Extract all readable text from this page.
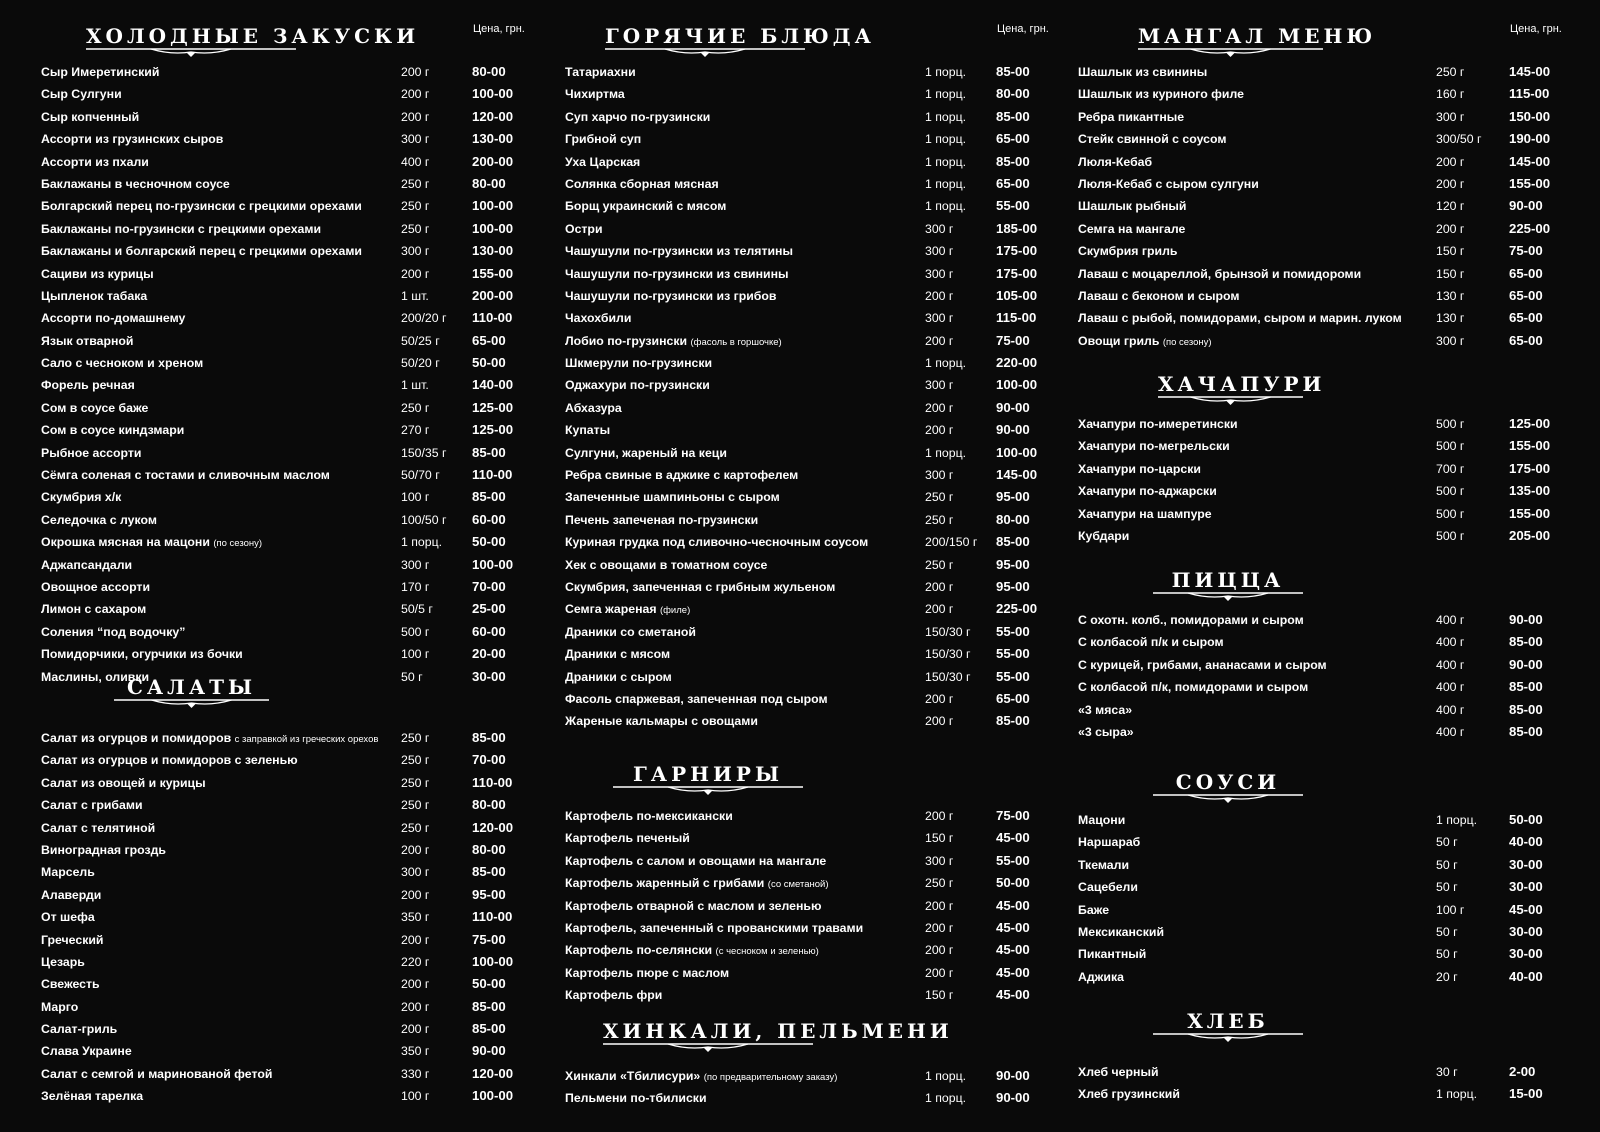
ХОЛОДНЫЕ ЗАКУСКИ	Цена, грн.
Сыр Имеретинский	200 г	80-00
Сыр Сулгуни	200 г	100-00
Сыр копченный	200 г	120-00
Ассорти из грузинских сыров	300 г	130-00
Ассорти из пхали	400 г	200-00
Баклажаны в чесночном соусе	250 г	80-00
Болгарский перец по-грузински с грецкими орехами	250 г	100-00
Баклажаны по-грузински с грецкими орехами	250 г	100-00
Баклажаны и болгарский перец с грецкими орехами	300 г	130-00
Сациви из курицы	200 г	155-00
Цыпленок табака	1 шт.	200-00
Ассорти по-домашнему	200/20 г 110-00
Язык отварной	50/25 г 65-00
Сало с чесноком и хреном	50/20 г 50-00
Форель речная	1 шт.	140-00
Сом в соусе баже	250 г	125-00
Сом в соусе киндзмари	270 г	125-00
Рыбное ассорти	150/35 г 85-00
Сёмга соленая с тостами и сливочным маслом	50/70 г 110-00
Скумбрия х/к	100 г	85-00
Селедочка с луком	100/50 г 60-00
Окрошка мясная на мацони (по сезону)	1 порц. 50-00
Аджапсандали	300 г	100-00
Овощное ассорти	170 г	70-00
Лимон с сахаром	50/5 г	25-00
Соления “под водочку”	500 г	60-00
Помидорчики, огурчики из бочки	100 г	20-00
Маслины, оливки	50 г	30-00
САЛАТЫ
Салат из огурцов и помидоров с заправкой из греческих орехов 250 г	85-00
Салат из огурцов и помидоров с зеленью	250 г	70-00
Салат из овощей и курицы	250 г	110-00
Салат с грибами	250 г	80-00
Салат с телятиной	250 г	120-00
Виноградная гроздь	200 г	80-00
Марсель	300 г	85-00
Алаверди	200 г	95-00
От шефа	350 г	110-00
Греческий	200 г	75-00
Цезарь	220 г	100-00
Свежесть	200 г	50-00
Марго	200 г	85-00
Салат-гриль	200 г	85-00
Слава Украине	350 г	90-00
Салат с семгой и маринованой фетой	330 г	120-00
Зелёная тарелка	100 г	100-00
ГОРЯЧИЕ БЛЮДА	Цена, грн.
Татариахни	1 порц. 85-00
Чихиртма	1 порц. 80-00
Суп харчо по-грузински	1 порц. 85-00
Грибной суп	1 порц. 65-00
Уха Царская	1 порц. 85-00
Солянка сборная мясная	1 порц. 65-00
Борщ украинский с мясом	1 порц. 55-00
Остри	300 г	185-00
Чашушули по-грузински из телятины	300 г	175-00
Чашушули по-грузински из свинины	300 г	175-00
Чашушули по-грузински из грибов	200 г	105-00
Чахохбили	300 г	115-00
Лобио по-грузински (фасоль в горшочке)	200 г	75-00
Шкмерули по-грузински	1 порц. 220-00
Оджахури по-грузински	300 г	100-00
Абхазура	200 г	90-00
Купаты	200 г	90-00
Сулгуни, жареный на кеци	1 порц. 100-00
Ребра свиные в аджике с картофелем	300 г	145-00
Запеченные шампиньоны с сыром	250 г	95-00
Печень запеченая по-грузински	250 г	80-00
Куриная грудка под сливочно-чесночным соусом	200/150 г 85-00
Хек с овощами в томатном соусе	250 г	95-00
Скумбрия, запеченная с грибным жульеном	200 г	95-00
Семга жареная (филе)	200 г	225-00
Драники со сметаной	150/30 г 55-00
Драники с мясом	150/30 г 55-00
Драники с сыром	150/30 г 55-00
Фасоль спаржевая, запеченная под сыром	200 г	65-00
Жареные кальмары с овощами	200 г	85-00
ГАРНИРЫ
Картофель по-мексикански	200 г	75-00
Картофель печеный	150 г	45-00
Картофель с салом и овощами на мангале	300 г	55-00
Картофель жаренный с грибами (со сметаной)	250 г	50-00
Картофель отварной с маслом и зеленью	200 г	45-00
Картофель, запеченный с прованскими травами	200 г	45-00
Картофель по-селянски (с чесноком и зеленью)	200 г	45-00
Картофель пюре с маслом	200 г	45-00
Картофель фри	150 г	45-00
ХИНКАЛИ, ПЕЛЬМЕНИ
Хинкали «Тбилисури» (по предварительному заказу)	1 порц. 90-00
Пельмени по-тбилиски	1 порц. 90-00
МАНГАЛ МЕНЮ	Цена, грн.
Шашлык из свинины	250 г	145-00
Шашлык из куриного филе	160 г	115-00
Ребра пикантные	300 г	150-00
Стейк свинной с соусом	300/50 г 190-00
Люля-Кебаб	200 г	145-00
Люля-Кебаб с сыром сулгуни	200 г	155-00
Шашлык рыбный	120 г	90-00
Семга на мангале	200 г	225-00
Скумбрия гриль	150 г	75-00
Лаваш с моцареллой, брынзой и помидороми	150 г	65-00
Лаваш с беконом и сыром	130 г	65-00
Лаваш с рыбой, помидорами, сыром и марин. луком	130 г	65-00
Овощи гриль (по сезону)	300 г	65-00
ХАЧАПУРИ
Хачапури по-имеретински	500 г	125-00
Хачапури по-мегрельски	500 г	155-00
Хачапури по-царски	700 г	175-00
Хачапури по-аджарски	500 г	135-00
Хачапури на шампуре	500 г	155-00
Кубдари	500 г	205-00
ПИЦЦА
С охотн. колб., помидорами и сыром	400 г	90-00
С колбасой п/к и сыром	400 г	85-00
С курицей, грибами, ананасами и сыром	400 г	90-00
С колбасой п/к, помидорами и сыром	400 г	85-00
«3 мяса»	400 г	85-00
«3 сыра»	400 г	85-00
СОУСИ
Мацони	1 порц. 50-00
Наршараб	50 г	40-00
Ткемали	50 г	30-00
Сацебели	50 г	30-00
Баже	100 г	45-00
Мексиканский	50 г	30-00
Пикантный	50 г	30-00
Аджика	20 г	40-00
ХЛЕБ
Хлеб черный	30 г	2-00
Хлеб грузинский	1 порц. 15-00
